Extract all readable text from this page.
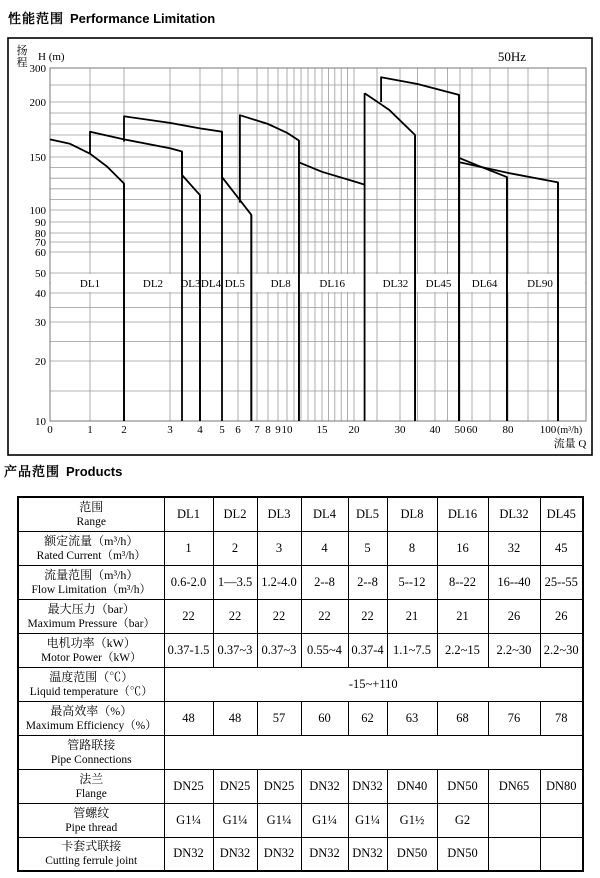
性能范围 Performance Limitation
DL1	DL2 DL3 DL4 DL5 DL8	DL16	DL32 DL45 DL64	DL90
300
200
150
100
90
80
70
60
50
40
30
20
10
0	1	2	3 4 5 6 7 8 9 10 15 20	30 40 50 60 80 100 (m³/h)
流量 Q
扬
程 H (m)	50Hz
产品范围 Products
范围
Range	DL1	DL2	DL3	DL4	DL5	DL8	DL16	DL32	DL45

额定流量（m³/h）
Rated Current（m³/h）	1	2	3	4	5	8	16	32	45

流量范围（m³/h）
Flow Limitation（m³/h）	0.6-2.0	1—3.5	1.2-4.0	2--8	2--8	5--12	8--22	16--40	25--55

最大压力（bar）
Maximum Pressure（bar）	22	22	22	22	22	21	21	26	26

电机功率（kW）
Motor Power（kW）	0.37-1.5	0.37~3	0.37~3	0.55~4	0.37-4	1.1~7.5	2.2~15	2.2~30	2.2~30

温度范围（℃）
Liquid temperature（℃）	-15~+110								

最高效率（%）
Maximum Efficiency（%）	48	48	57	60	62	63	68	76	78

管路联接
Pipe Connections									

法兰
Flange	DN25	DN25	DN25	DN32	DN32	DN40	DN50	DN65	DN80

管螺纹
Pipe thread	G1¼	G1¼	G1¼	G1¼	G1¼	G1½	G2		

卡套式联接
Cutting ferrule joint	DN32	DN32	DN32	DN32	DN32	DN50	DN50		
